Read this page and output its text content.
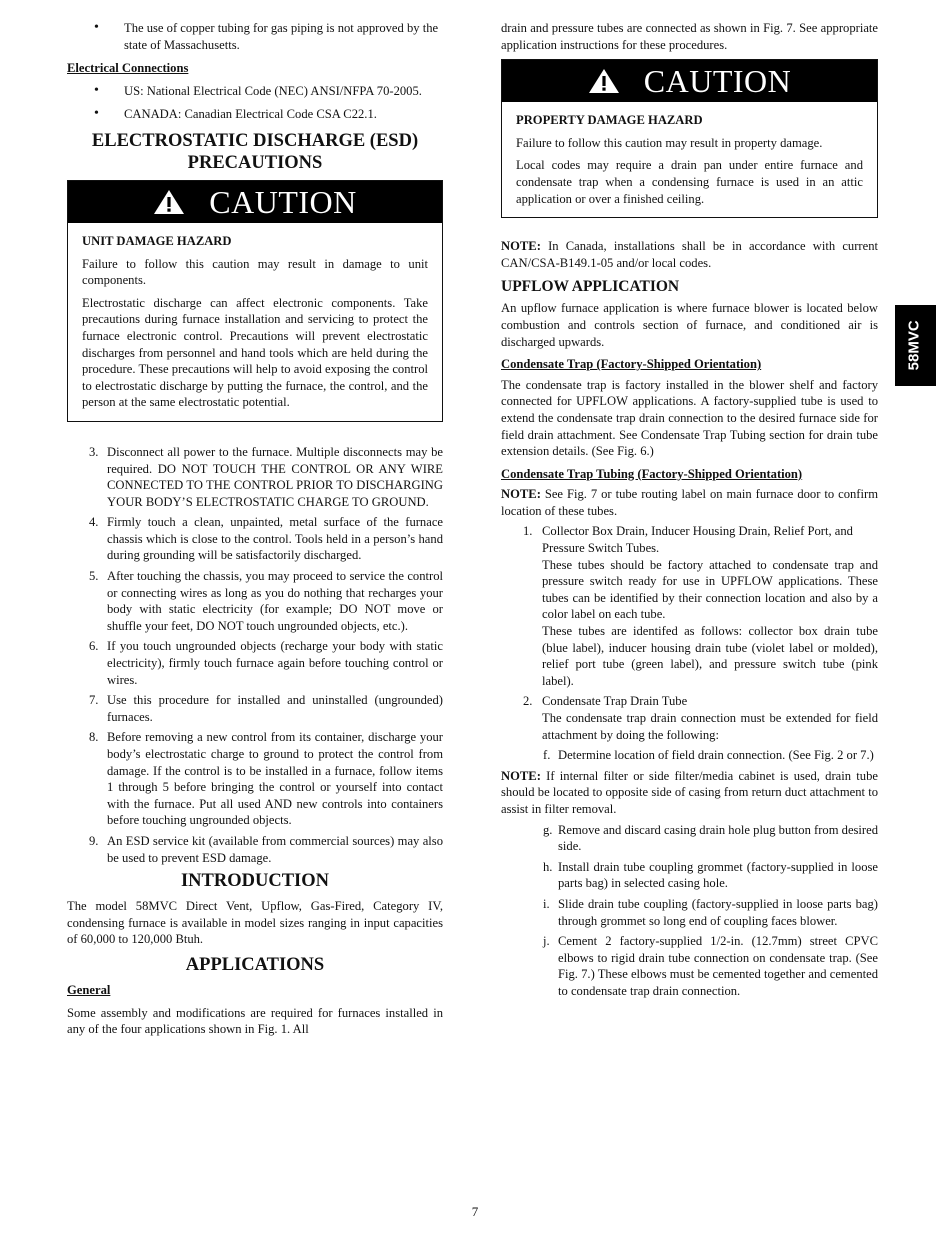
• The use of copper tubing for gas piping is not approved by the state of Massachusetts.

Electrical Connections

• US: National Electrical Code (NEC) ANSI/NFPA 70-2005.
• CANADA: Canadian Electrical Code CSA C22.1.
ELECTROSTATIC DISCHARGE (ESD)
PRECAUTIONS
CAUTION

UNIT DAMAGE HAZARD

Failure to follow this caution may result in damage to unit components.

Electrostatic discharge can affect electronic components. Take precautions during furnace installation and servicing to protect the furnace electronic control. Precautions will prevent electrostatic discharges from personnel and hand tools which are held during the procedure. These precautions will help to avoid exposing the control to electrostatic discharge by putting the furnace, the control, and the person at the same electrostatic potential.

3. Disconnect all power to the furnace. Multiple disconnects may be required. DO NOT TOUCH THE CONTROL OR ANY WIRE CONNECTED TO THE CONTROL PRIOR TO DISCHARGING YOUR BODY’S ELECTROSTATIC CHARGE TO GROUND.
4. Firmly touch a clean, unpainted, metal surface of the furnace chassis which is close to the control. Tools held in a person’s hand during grounding will be satisfactorily discharged.
5. After touching the chassis, you may proceed to service the control or connecting wires as long as you do nothing that recharges your body with static electricity (for example; DO NOT move or shuffle your feet, DO NOT touch ungrounded objects, etc.).
6. If you touch ungrounded objects (recharge your body with static electricity), firmly touch furnace again before touching control or wires.
7. Use this procedure for installed and uninstalled (ungrounded) furnaces.
8. Before removing a new control from its container, discharge your body’s electrostatic charge to ground to protect the control from damage. If the control is to be installed in a furnace, follow items 1 through 5 before bringing the control or yourself into contact with the furnace. Put all used AND new controls into containers before touching ungrounded objects.
9. An ESD service kit (available from commercial sources) may also be used to prevent ESD damage.
INTRODUCTION

The model 58MVC Direct Vent, Upflow, Gas-Fired, Category IV, condensing furnace is available in model sizes ranging in input capacities of 60,000 to 120,000 Btuh.

APPLICATIONS

General

Some assembly and modifications are required for furnaces installed in any of the four applications shown in Fig. 1. All

drain and pressure tubes are connected as shown in Fig. 7. See appropriate application instructions for these procedures.

CAUTION

PROPERTY DAMAGE HAZARD

Failure to follow this caution may result in property damage.

Local codes may require a drain pan under entire furnace and condensate trap when a condensing furnace is used in an attic application or over a finished ceiling.

NOTE: In Canada, installations shall be in accordance with current CAN/CSA-B149.1-05 and/or local codes.

UPFLOW APPLICATION

An upflow furnace application is where furnace blower is located below combustion and controls section of furnace, and conditioned air is discharged upwards.

Condensate Trap (Factory-Shipped Orientation)

The condensate trap is factory installed in the blower shelf and factory connected for UPFLOW applications. A factory-supplied tube is used to extend the condensate trap drain connection to the desired furnace side for field drain attachment. See Condensate Trap Tubing section for drain tube extension details. (See Fig. 6.)

Condensate Trap Tubing (Factory-Shipped Orientation)

NOTE: See Fig. 7 or tube routing label on main furnace door to confirm location of these tubes.

1. Collector Box Drain, Inducer Housing Drain, Relief Port, and Pressure Switch Tubes.

These tubes should be factory attached to condensate trap and pressure switch ready for use in UPFLOW applications. These tubes can be identified by their connection location and also by a color label on each tube.

These tubes are identifed as follows: collector box drain tube (blue label), inducer housing drain tube (violet label or molded), relief port tube (green label), and pressure switch tube (pink label).

2. Condensate Trap Drain Tube

The condensate trap drain connection must be extended for field attachment by doing the following:

f. Determine location of field drain connection. (See Fig. 2 or 7.)

NOTE: If internal filter or side filter/media cabinet is used, drain tube should be located to opposite side of casing from return duct attachment to assist in filter removal.

g. Remove and discard casing drain hole plug button from desired side.
h. Install drain tube coupling grommet (factory-supplied in loose parts bag) in selected casing hole.
i. Slide drain tube coupling (factory-supplied in loose parts bag) through grommet so long end of coupling faces blower.
j. Cement 2 factory-supplied 1/2-in. (12.7mm) street CPVC elbows to rigid drain tube connection on condensate trap. (See Fig. 7.) These elbows must be cemented together and cemented to condensate trap drain connection.
58MVC
7
